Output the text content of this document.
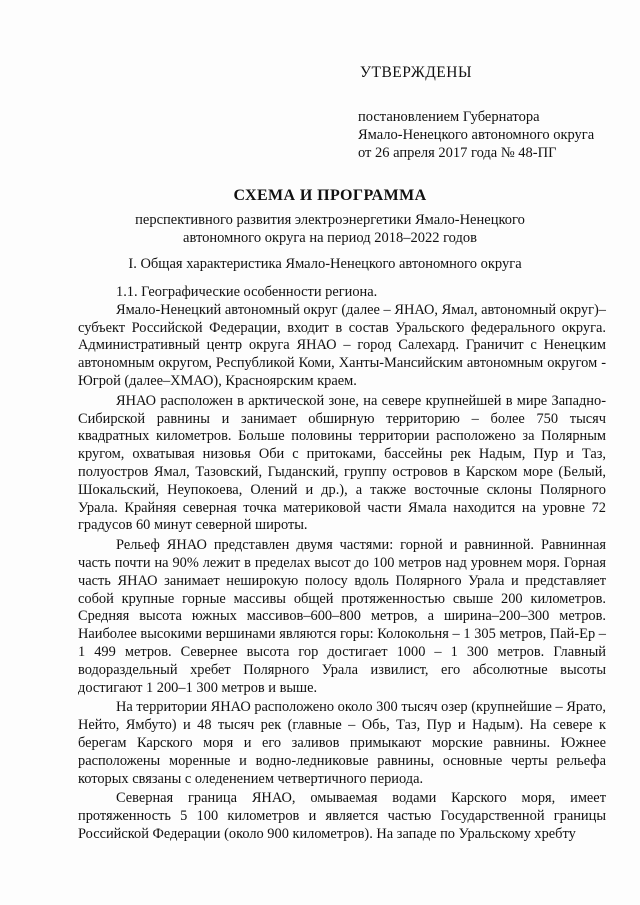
УТВЕРЖДЕНЫ
постановлением Губернатора
Ямало-Ненецкого автономного округа
от 26 апреля 2017 года № 48-ПГ
СХЕМА И ПРОГРАММА
перспективного развития электроэнергетики Ямало-Ненецкого
автономного округа на период 2018–2022 годов
I. Общая характеристика Ямало-Ненецкого автономного округа

1.1. Географические особенности региона.

Ямало-Ненецкий автономный округ (далее – ЯНАО, Ямал, автономный округ)–субъект Российской Федерации, входит в состав Уральского федерального округа. Административный центр округа ЯНАО – город Салехард. Граничит с Ненецким автономным округом, Республикой Коми, Ханты-Мансийским автономным округом - Югрой (далее–ХМАО), Красноярским краем.

ЯНАО расположен в арктической зоне, на севере крупнейшей в мире Западно-Сибирской равнины и занимает обширную территорию – более 750 тысяч квадратных километров. Больше половины территории расположено за Полярным кругом, охватывая низовья Оби с притоками, бассейны рек Надым, Пур и Таз, полуостров Ямал, Тазовский, Гыданский, группу островов в Карском море (Белый, Шокальский, Неупокоева, Олений и др.), а также восточные склоны Полярного Урала. Крайняя северная точка материковой части Ямала находится на уровне 72 градусов 60 минут северной широты.

Рельеф ЯНАО представлен двумя частями: горной и равнинной. Равнинная часть почти на 90% лежит в пределах высот до 100 метров над уровнем моря. Горная часть ЯНАО занимает неширокую полосу вдоль Полярного Урала и представляет собой крупные горные массивы общей протяженностью свыше 200 километров. Средняя высота южных массивов–600–800 метров, а ширина–200–300 метров. Наиболее высокими вершинами являются горы: Колокольня – 1 305 метров, Пай-Ер – 1 499 метров. Севернее высота гор достигает 1000 – 1 300 метров. Главный водораздельный хребет Полярного Урала извилист, его абсолютные высоты достигают 1 200–1 300 метров и выше.

На территории ЯНАО расположено около 300 тысяч озер (крупнейшие – Ярато, Нейто, Ямбуто) и 48 тысяч рек (главные – Обь, Таз, Пур и Надым). На севере к берегам Карского моря и его заливов примыкают морские равнины. Южнее расположены моренные и водно-ледниковые равнины, основные черты рельефа которых связаны с оледенением четвертичного периода.

Северная граница ЯНАО, омываемая водами Карского моря, имеет протяженность 5 100 километров и является частью Государственной границы Российской Федерации (около 900 километров). На западе по Уральскому хребту
